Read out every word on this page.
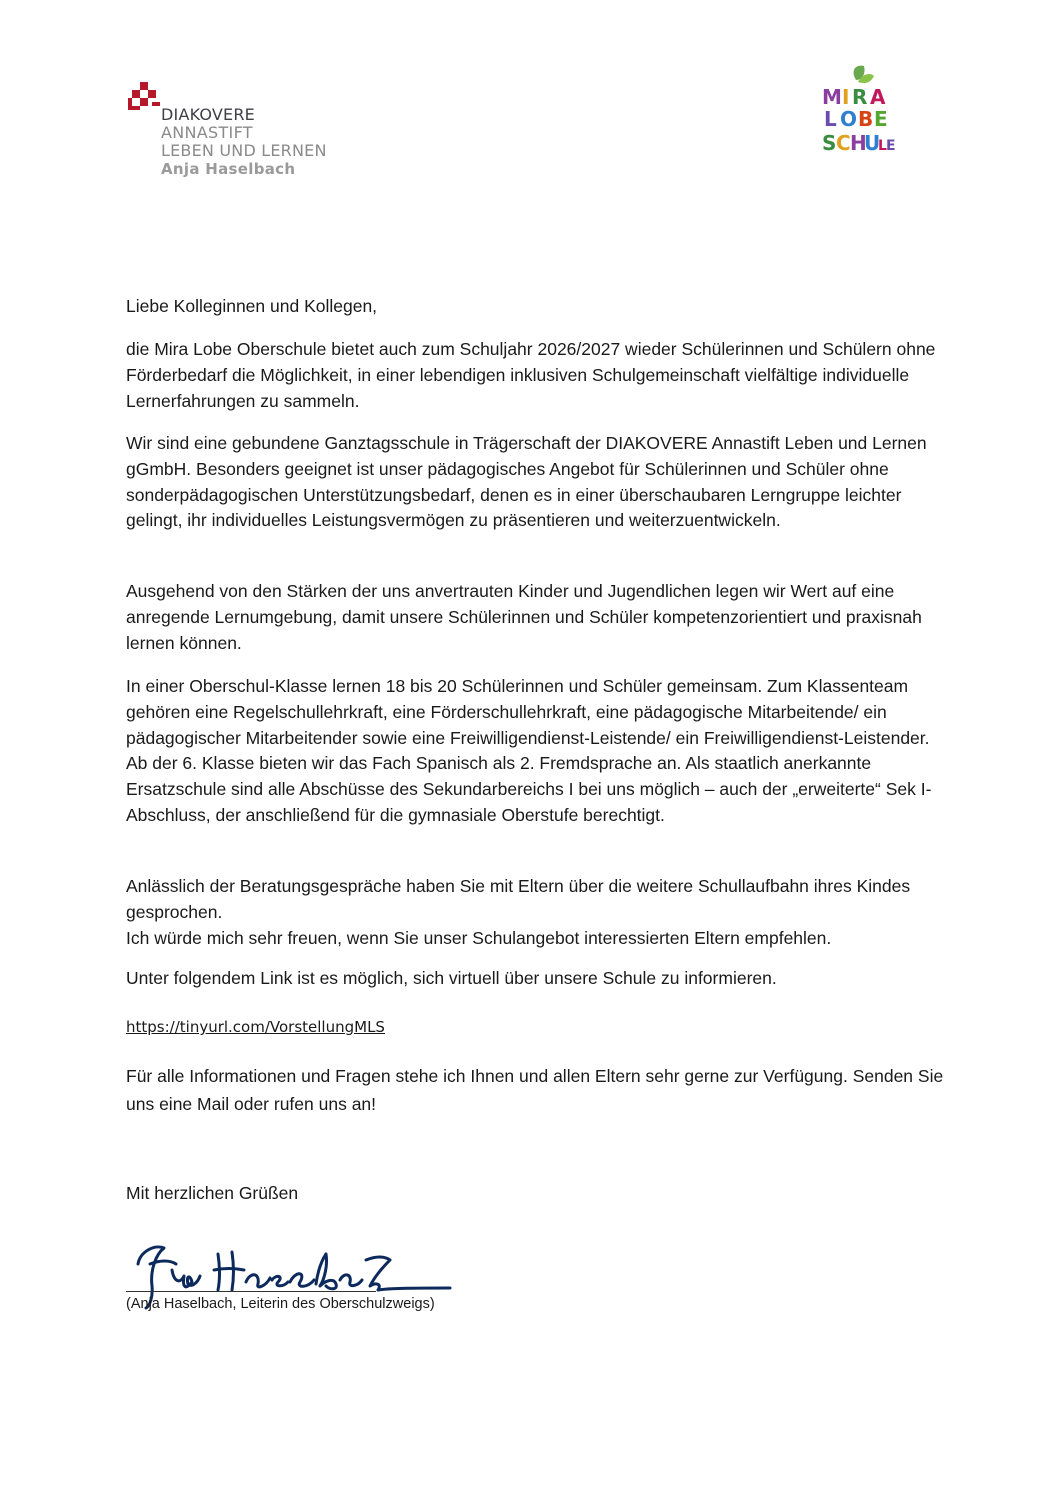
DIAKOVERE
ANNASTIFT
LEBEN UND LERNEN
Anja Haselbach
M I R A
L O B E
S C H
U
L E

Liebe Kolleginnen und Kollegen,

die Mira Lobe Oberschule bietet auch zum Schuljahr 2026/2027 wieder Schülerinnen und Schülern ohne Förderbedarf die Möglichkeit, in einer lebendigen inklusiven Schulgemeinschaft vielfältige individuelle Lernerfahrungen zu sammeln.

Wir sind eine gebundene Ganztagsschule in Trägerschaft der DIAKOVERE Annastift Leben und Lernen gGmbH. Besonders geeignet ist unser pädagogisches Angebot für Schülerinnen und Schüler ohne sonderpädagogischen Unterstützungsbedarf, denen es in einer überschaubaren Lerngruppe leichter gelingt, ihr individuelles Leistungsvermögen zu präsentieren und weiterzuentwickeln.

Ausgehend von den Stärken der uns anvertrauten Kinder und Jugendlichen legen wir Wert auf eine anregende Lernumgebung, damit unsere Schülerinnen und Schüler kompetenzorientiert und praxisnah lernen können.

In einer Oberschul-Klasse lernen 18 bis 20 Schülerinnen und Schüler gemeinsam. Zum Klassenteam gehören eine Regelschullehrkraft, eine Förderschullehrkraft, eine pädagogische Mitarbeitende/ ein pädagogischer Mitarbeitender sowie eine Freiwilligendienst-Leistende/ ein Freiwilligendienst-Leistender. Ab der 6. Klasse bieten wir das Fach Spanisch als 2. Fremdsprache an. Als staatlich anerkannte Ersatzschule sind alle Abschüsse des Sekundarbereichs I bei uns möglich – auch der „erweiterte“ Sek I-Abschluss, der anschließend für die gymnasiale Oberstufe berechtigt.

Anlässlich der Beratungsgespräche haben Sie mit Eltern über die weitere Schullaufbahn ihres Kindes gesprochen.

Ich würde mich sehr freuen, wenn Sie unser Schulangebot interessierten Eltern empfehlen.

Unter folgendem Link ist es möglich, sich virtuell über unsere Schule zu informieren.

https://tinyurl.com/VorstellungMLS

Für alle Informationen und Fragen stehe ich Ihnen und allen Eltern sehr gerne zur Verfügung. Senden Sie uns eine Mail oder rufen uns an!

Mit herzlichen Grüßen

(Anja Haselbach, Leiterin des Oberschulzweigs)
